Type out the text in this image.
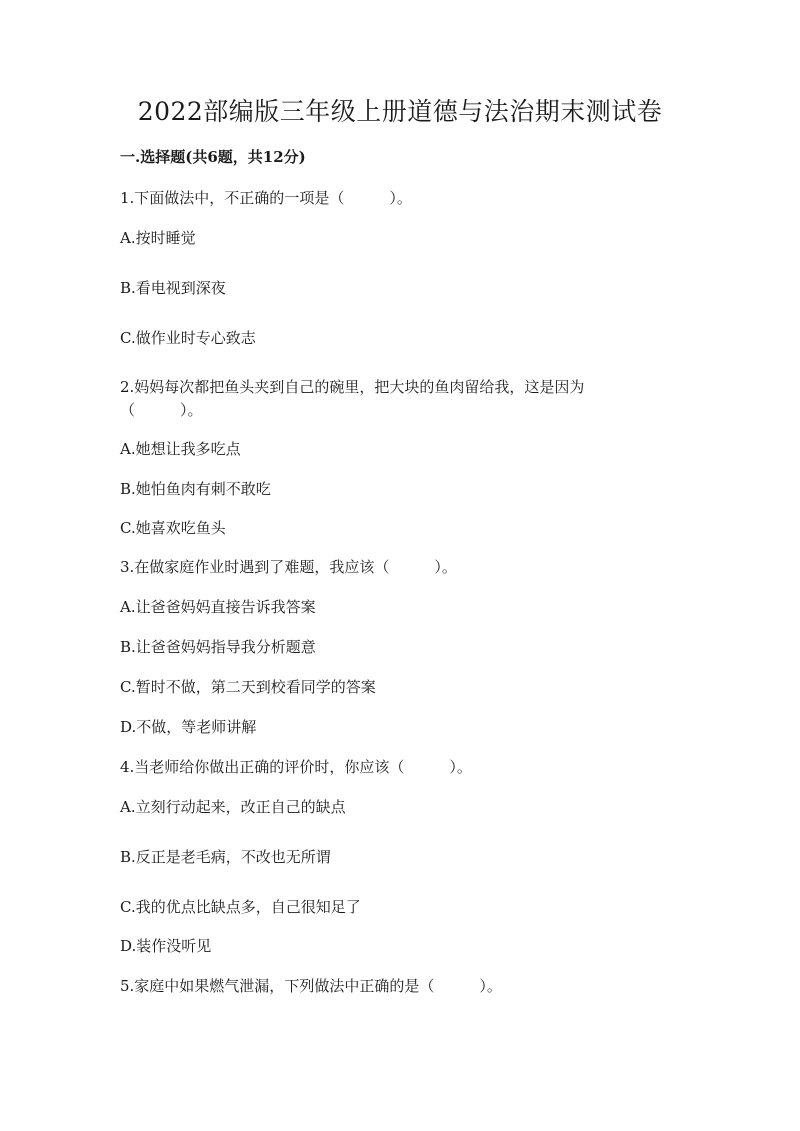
2022部编版三年级上册道德与法治期末测试卷
一.选择题(共6题，共12分)
1.下面做法中，不正确的一项是（　　　）。
A.按时睡觉
B.看电视到深夜
C.做作业时专心致志
2.妈妈每次都把鱼头夹到自己的碗里，把大块的鱼肉留给我，这是因为
（　　　）。
A.她想让我多吃点
B.她怕鱼肉有刺不敢吃
C.她喜欢吃鱼头
3.在做家庭作业时遇到了难题，我应该（　　　）。
A.让爸爸妈妈直接告诉我答案
B.让爸爸妈妈指导我分析题意
C.暂时不做，第二天到校看同学的答案
D.不做，等老师讲解
4.当老师给你做出正确的评价时，你应该（　　　）。
A.立刻行动起来，改正自己的缺点
B.反正是老毛病，不改也无所谓
C.我的优点比缺点多，自己很知足了
D.装作没听见
5.家庭中如果燃气泄漏，下列做法中正确的是（　　　）。
